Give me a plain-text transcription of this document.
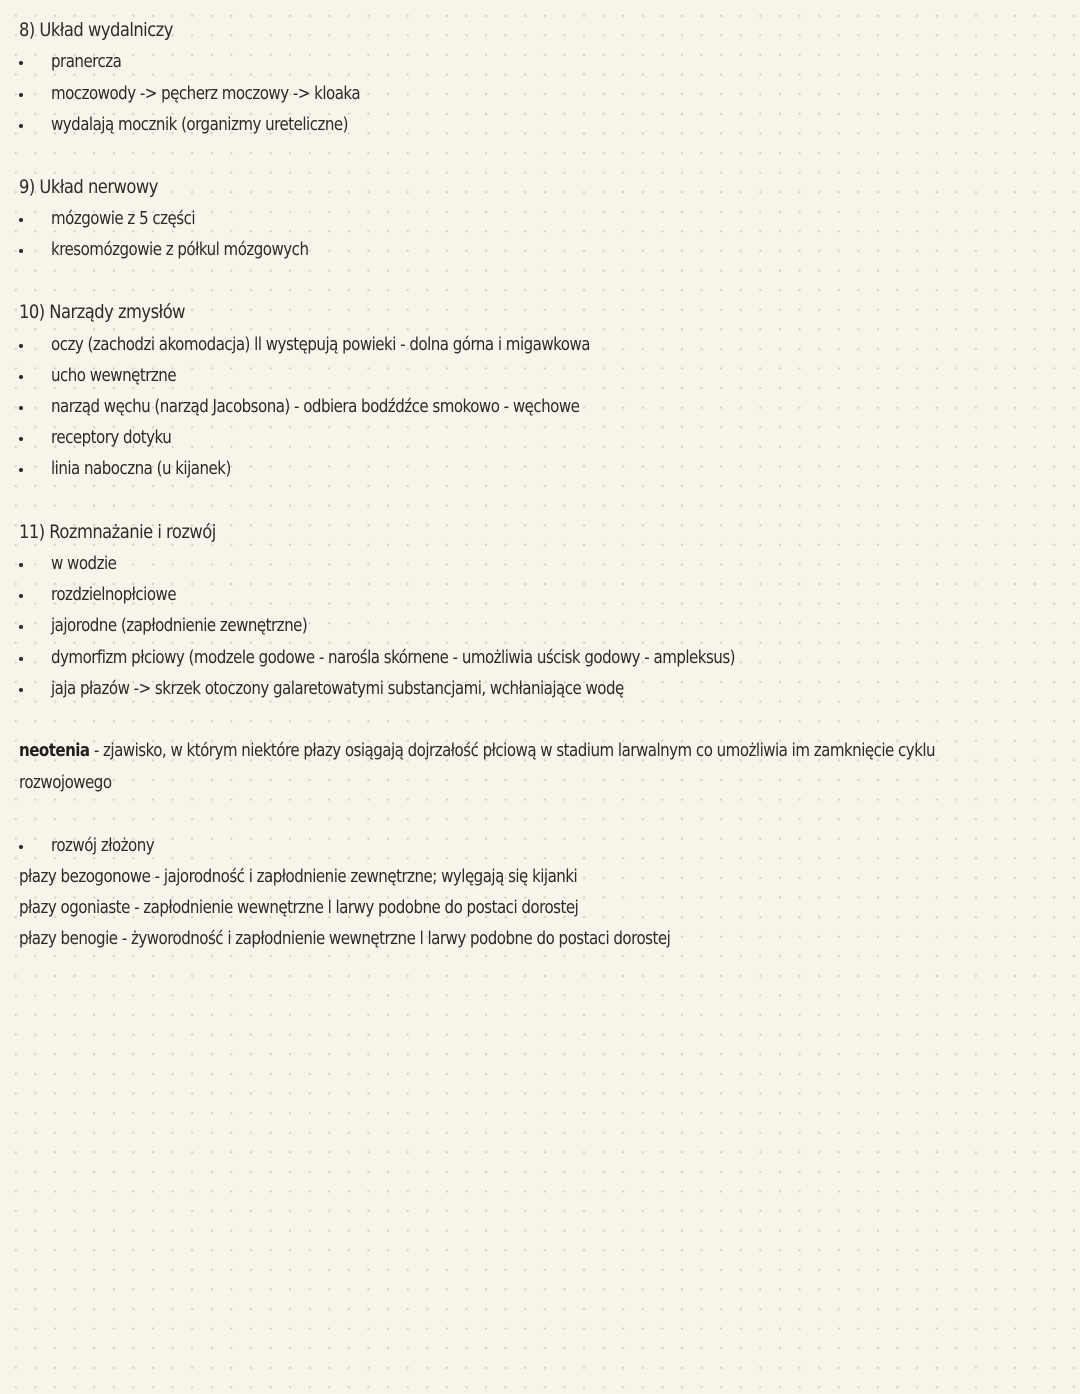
8) Układ wydalniczy
pranercza
moczowody -> pęcherz moczowy -> kloaka
wydalają mocznik (organizmy ureteliczne)
9) Układ nerwowy
mózgowie z 5 części
kresomózgowie z półkul mózgowych
10) Narządy zmysłów
oczy (zachodzi akomodacja) ll występują powieki - dolna górna i migawkowa
ucho wewnętrzne
narząd węchu (narząd Jacobsona) - odbiera bodźdźce smokowo - węchowe
receptory dotyku
linia naboczna (u kijanek)
11) Rozmnażanie i rozwój
w wodzie
rozdzielnopłciowe
jajorodne (zapłodnienie zewnętrzne)
dymorfizm płciowy (modzele godowe - narośla skórnene - umożliwia uścisk godowy - ampleksus)
jaja płazów -> skrzek otoczony galaretowatymi substancjami, wchłaniające wodę
neotenia - zjawisko, w którym niektóre płazy osiągają dojrzałość płciową w stadium larwalnym co umożliwia im zamknięcie cyklu
rozwojowego
rozwój złożony
płazy bezogonowe - jajorodność i zapłodnienie zewnętrzne; wylęgają się kijanki
płazy ogoniaste - zapłodnienie wewnętrzne l larwy podobne do postaci dorostej
płazy benogie - żyworodność i zapłodnienie wewnętrzne l larwy podobne do postaci dorostej
